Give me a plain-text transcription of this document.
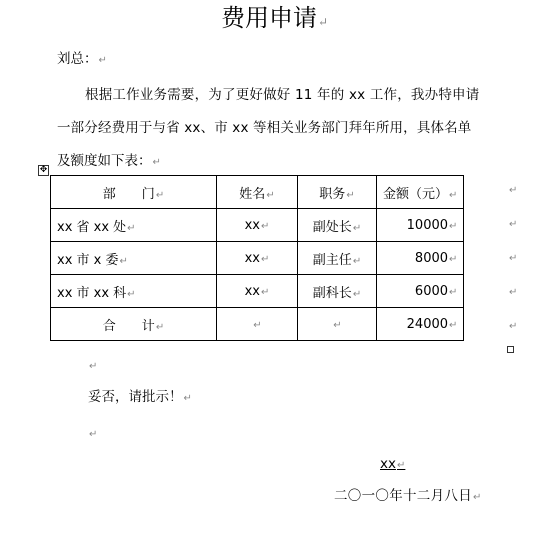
费用申请↵
刘总：↵
根据工作业务需要，为了更好做好 11 年的 xx 工作，我办特申请
一部分经费用于与省 xx、市 xx 等相关业务部门拜年所用，具体名单
及额度如下表：↵
✥
部　　门↵	姓名↵	职务↵	金额（元）↵
xx 省 xx 处↵	xx↵	副处长↵	10000↵
xx 市 x 委↵	xx↵	副主任↵	8000↵
xx 市 xx 科↵	xx↵	副科长↵	6000↵
合　　计↵	↵	↵	24000↵
↵
↵
↵
↵
↵
↵
妥否，请批示！↵
↵
xx↵
二〇一〇年十二月八日↵
